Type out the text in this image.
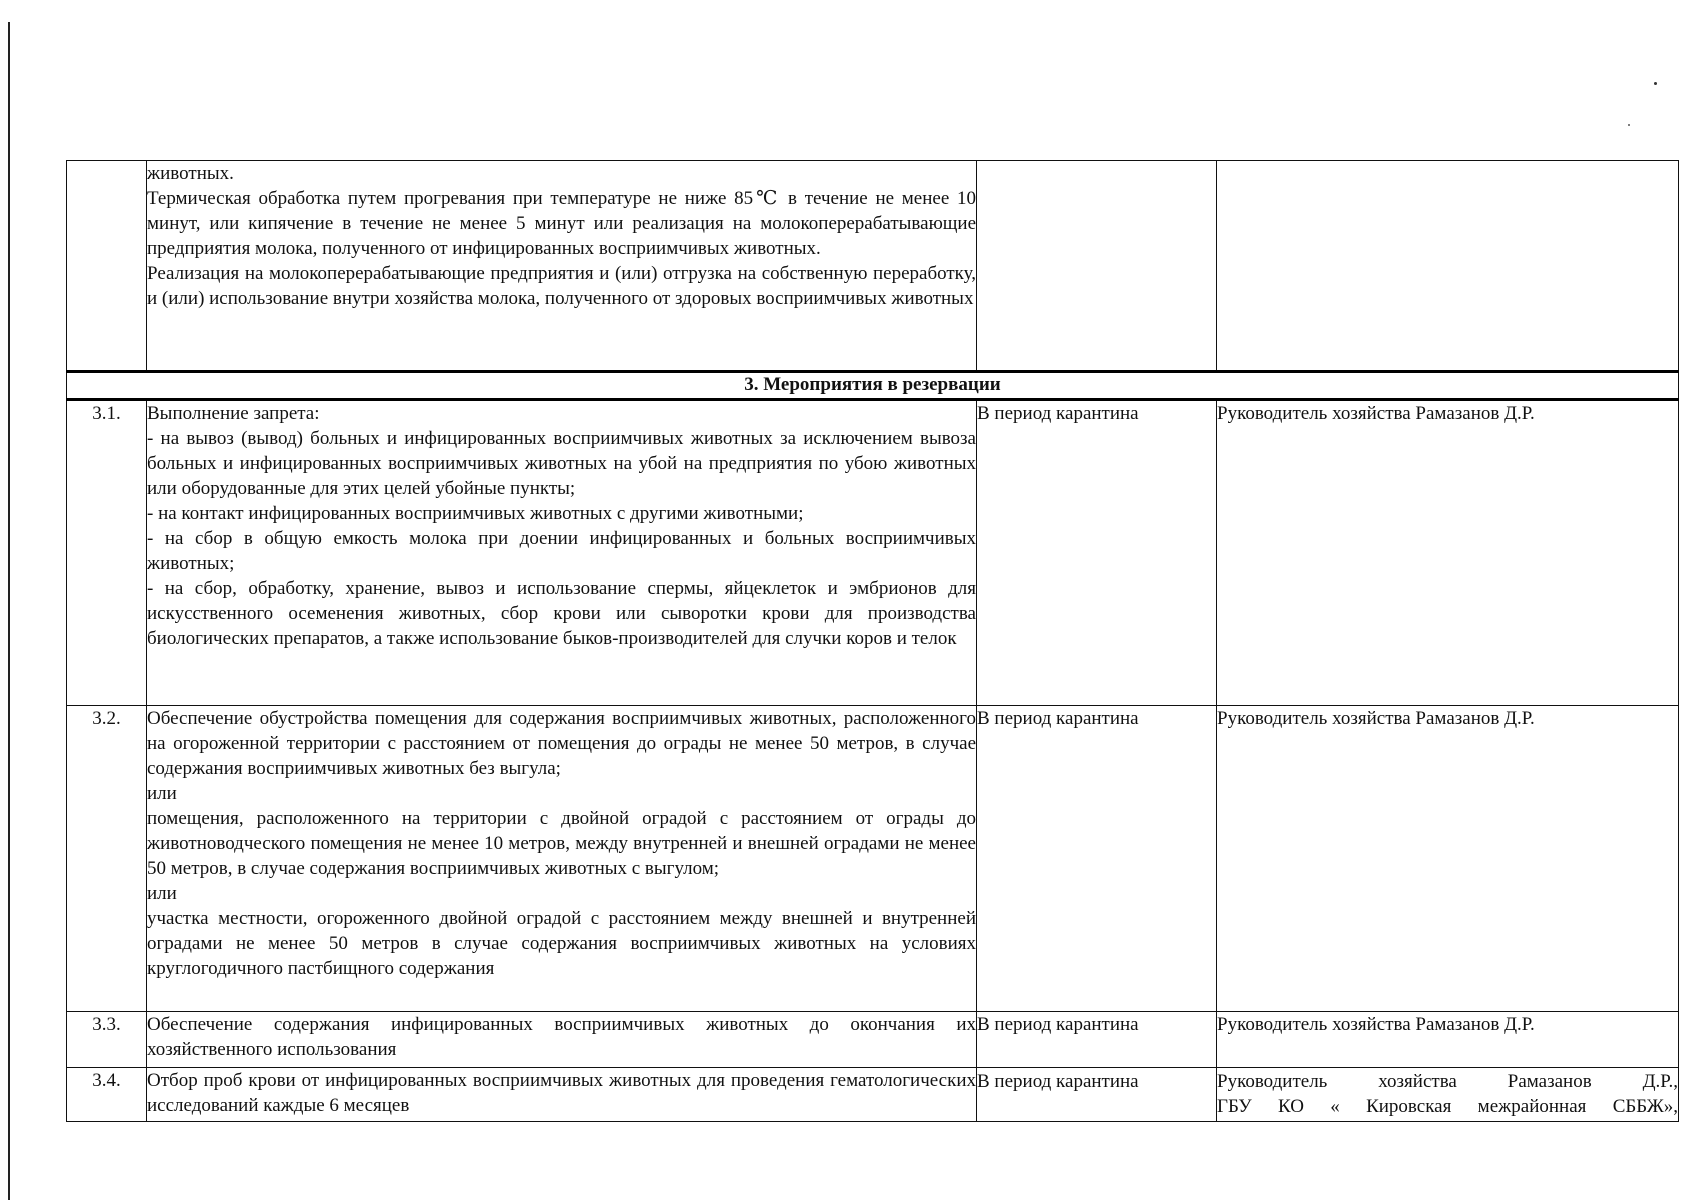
	животных.
Термическая обработка путем прогревания при температуре не ниже 85℃ в течение не менее 10 минут, или кипячение в течение не менее 5 минут или реализация на молокоперерабатывающие предприятия молока, полученного от инфицированных восприимчивых животных.
Реализация на молокоперерабатывающие предприятия и (или) отгрузка на собственную переработку, и (или) использование внутри хозяйства молока, полученного от здоровых восприимчивых животных		

3. Мероприятия в резервации			
3.1.	Выполнение запрета:
- на вывоз (вывод) больных и инфицированных восприимчивых животных за исключением вывоза больных и инфицированных восприимчивых животных на убой на предприятия по убою животных или оборудованные для этих целей убойные пункты;
- на контакт инфицированных восприимчивых животных с другими животными;
- на сбор в общую емкость молока при доении инфицированных и больных восприимчивых животных;
- на сбор, обработку, хранение, вывоз и использование спермы, яйцеклеток и эмбрионов для искусственного осеменения животных, сбор крови или сыворотки крови для производства биологических препаратов, а также использование быков-производителей для случки коров и телок	В период карантина	Руководитель хозяйства Рамазанов Д.Р.
3.2.	Обеспечение обустройства помещения для содержания восприимчивых животных, расположенного на огороженной территории с расстоянием от помещения до ограды не менее 50 метров, в случае содержания восприимчивых животных без выгула;
или
помещения, расположенного на территории с двойной оградой с расстоянием от ограды до животноводческого помещения не менее 10 метров, между внутренней и внешней оградами не менее 50 метров, в случае содержания восприимчивых животных с выгулом;
или
участка местности, огороженного двойной оградой с расстоянием между внешней и внутренней оградами не менее 50 метров в случае содержания восприимчивых животных на условиях круглогодичного пастбищного содержания	В период карантина	Руководитель хозяйства Рамазанов Д.Р.
3.3.	Обеспечение содержания инфицированных восприимчивых животных до окончания их хозяйственного использования	В период карантина	Руководитель хозяйства Рамазанов Д.Р.
3.4.	Отбор проб крови от инфицированных восприимчивых животных для проведения гематологических исследований каждые 6 месяцев	В период карантина	Руководитель хозяйства Рамазанов Д.Р.,
ГБУ КО « Кировская межрайонная СББЖ»,
